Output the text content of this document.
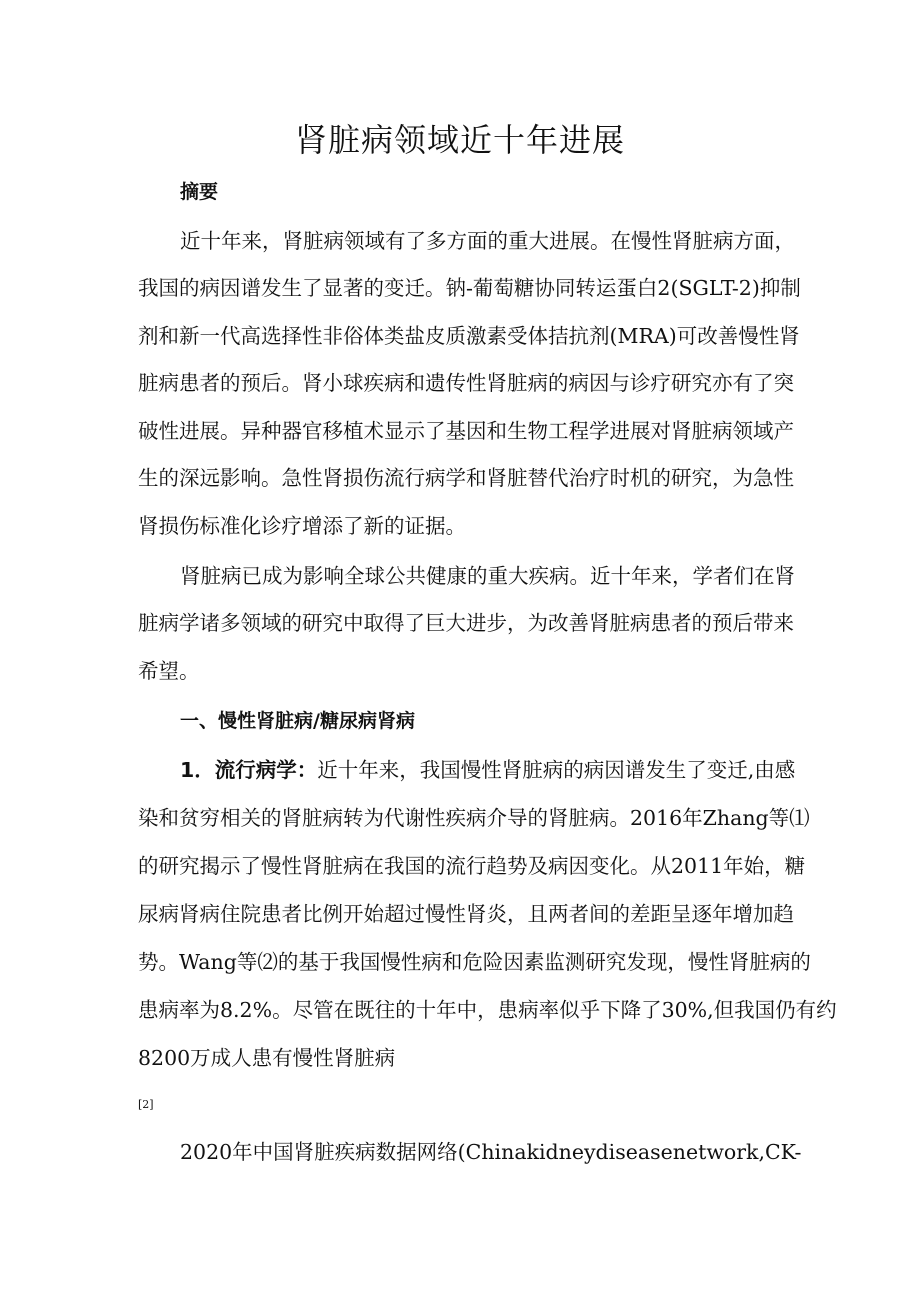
肾脏病领域近十年进展
摘要
近十年来，肾脏病领域有了多方面的重大进展。在慢性肾脏病方面，
我国的病因谱发生了显著的变迁。钠-葡萄糖协同转运蛋白2(SGLT-2)抑制
剂和新一代高选择性非俗体类盐皮质激素受体拮抗剂(MRA)可改善慢性肾
脏病患者的预后。肾小球疾病和遗传性肾脏病的病因与诊疗研究亦有了突
破性进展。异种器官移植术显示了基因和生物工程学进展对肾脏病领域产
生的深远影响。急性肾损伤流行病学和肾脏替代治疗时机的研究，为急性
肾损伤标准化诊疗增添了新的证据。
肾脏病已成为影响全球公共健康的重大疾病。近十年来，学者们在肾
脏病学诸多领域的研究中取得了巨大进步，为改善肾脏病患者的预后带来
希望。
一、慢性肾脏病/糖尿病肾病
1．流行病学：近十年来，我国慢性肾脏病的病因谱发生了变迁,由感
染和贫穷相关的肾脏病转为代谢性疾病介导的肾脏病。2016年Zhang等⑴
的研究揭示了慢性肾脏病在我国的流行趋势及病因变化。从2011年始，糖
尿病肾病住院患者比例开始超过慢性肾炎，且两者间的差距呈逐年增加趋
势。Wang等⑵的基于我国慢性病和危险因素监测研究发现，慢性肾脏病的
患病率为8.2%。尽管在既往的十年中，患病率似乎下降了30%,但我国仍有约
8200万成人患有慢性肾脏病
[2]
2020年中国肾脏疾病数据网络(Chinakidneydiseasenetwork,CK-
